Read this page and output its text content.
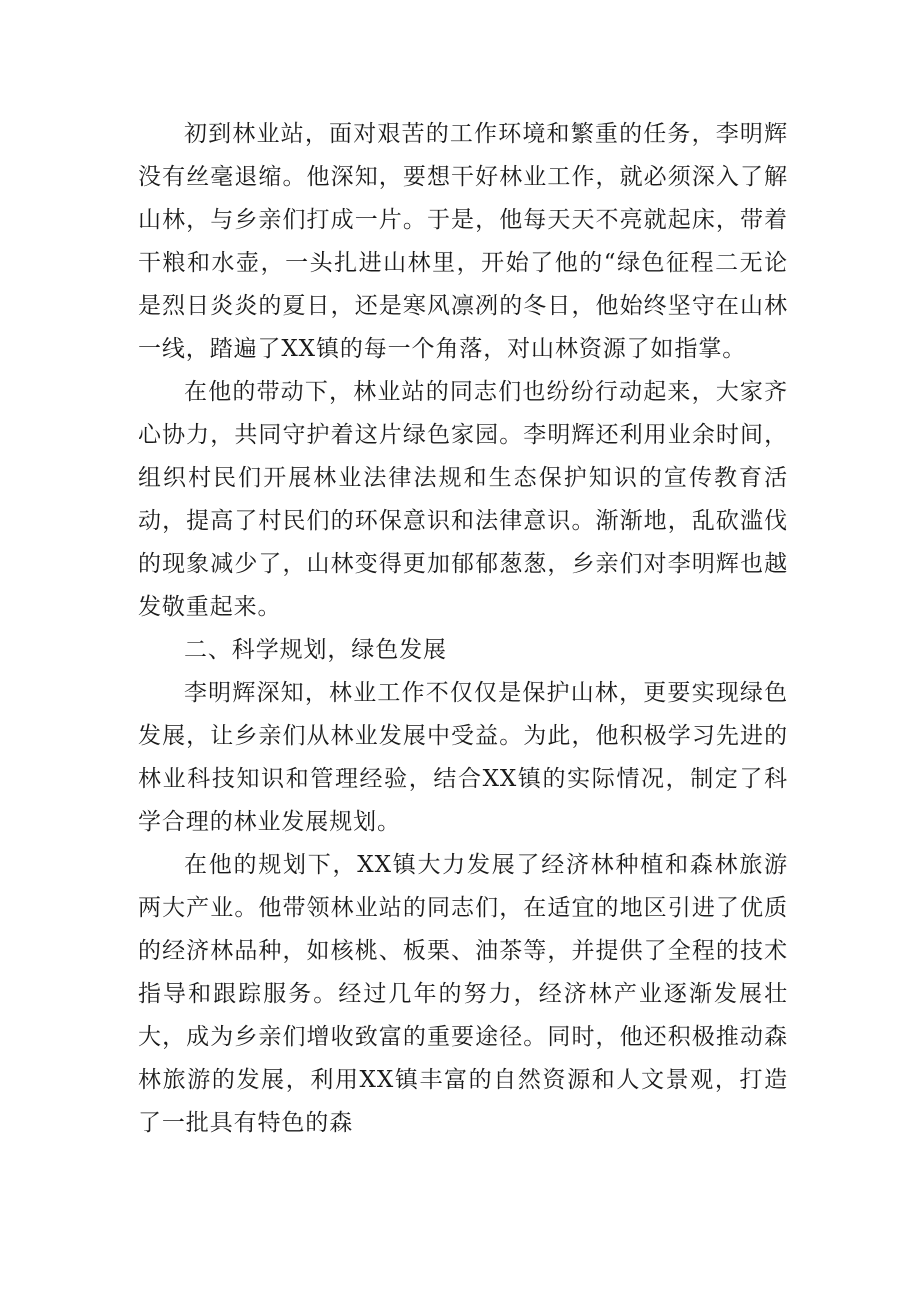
初到林业站，面对艰苦的工作环境和繁重的任务，李明辉没有丝毫退缩。他深知，要想干好林业工作，就必须深入了解山林，与乡亲们打成一片。于是，他每天天不亮就起床，带着干粮和水壶，一头扎进山林里，开始了他的“绿色征程二无论是烈日炎炎的夏日，还是寒风凛冽的冬日，他始终坚守在山林一线，踏遍了XX镇的每一个角落，对山林资源了如指掌。

在他的带动下，林业站的同志们也纷纷行动起来，大家齐心协力，共同守护着这片绿色家园。李明辉还利用业余时间，组织村民们开展林业法律法规和生态保护知识的宣传教育活动，提高了村民们的环保意识和法律意识。渐渐地，乱砍滥伐的现象减少了，山林变得更加郁郁葱葱，乡亲们对李明辉也越发敬重起来。

二、科学规划，绿色发展

李明辉深知，林业工作不仅仅是保护山林，更要实现绿色发展，让乡亲们从林业发展中受益。为此，他积极学习先进的林业科技知识和管理经验，结合XX镇的实际情况，制定了科学合理的林业发展规划。

在他的规划下，XX镇大力发展了经济林种植和森林旅游两大产业。他带领林业站的同志们，在适宜的地区引进了优质的经济林品种，如核桃、板栗、油茶等，并提供了全程的技术指导和跟踪服务。经过几年的努力，经济林产业逐渐发展壮大，成为乡亲们增收致富的重要途径。同时，他还积极推动森林旅游的发展，利用XX镇丰富的自然资源和人文景观，打造了一批具有特色的森
